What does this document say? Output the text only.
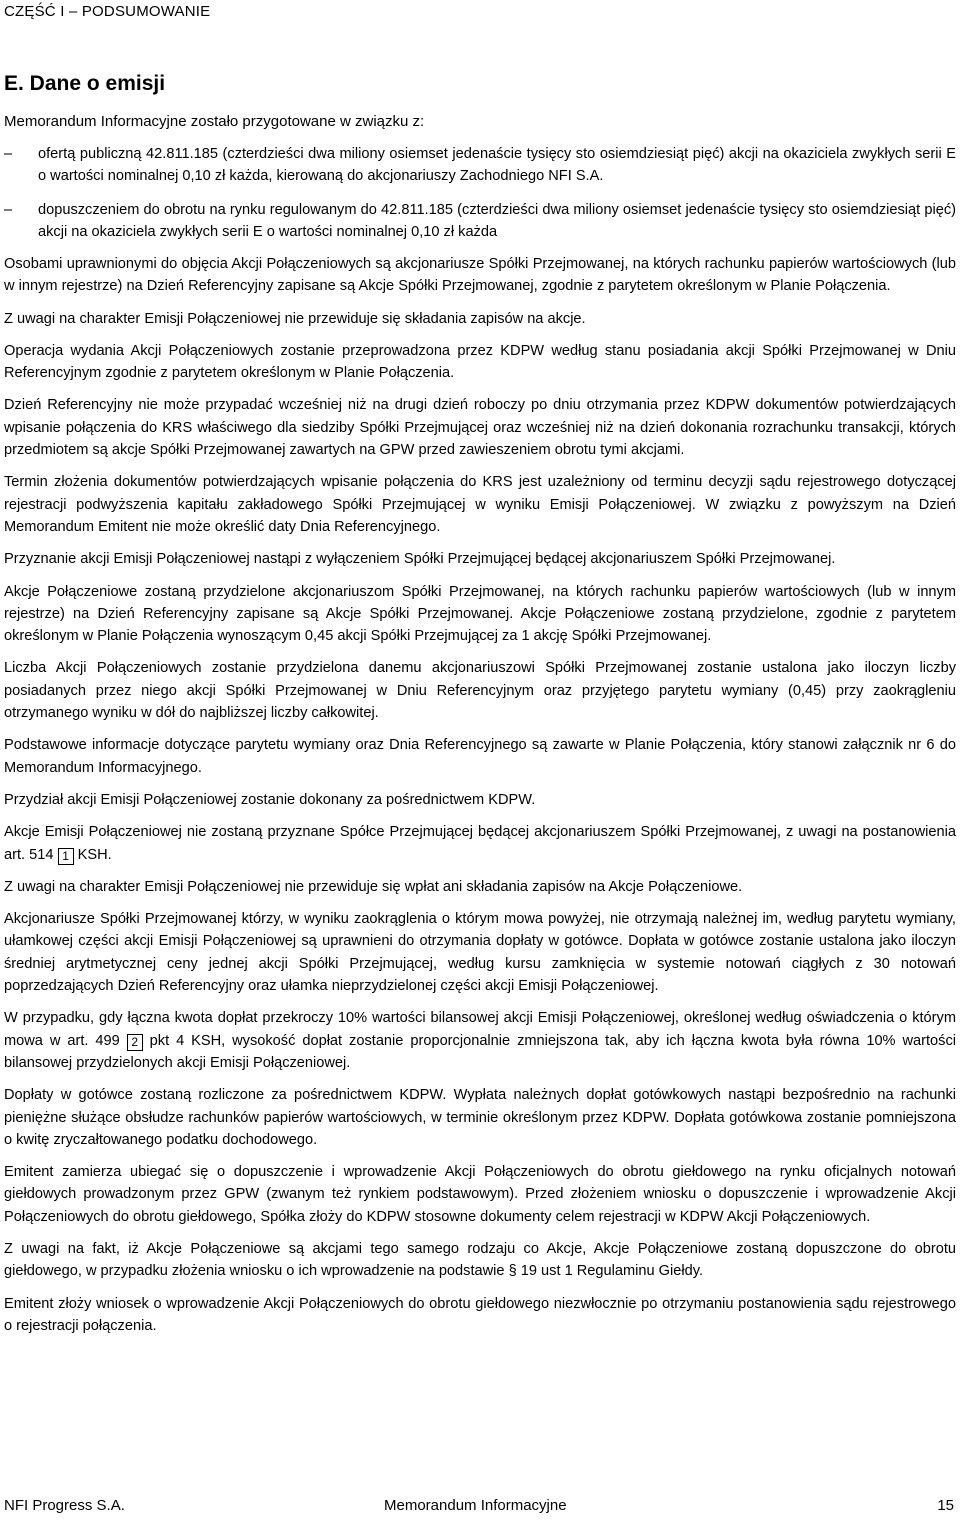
CZĘŚĆ I – PODSUMOWANIE
E. Dane o emisji
Memorandum Informacyjne zostało przygotowane w związku z:
– ofertą publiczną 42.811.185 (czterdzieści dwa miliony osiemset jedenaście tysięcy sto osiemdziesiąt pięć) akcji na okaziciela zwykłych serii E o wartości nominalnej 0,10 zł każda, kierowaną do akcjonariuszy Zachodniego NFI S.A.
– dopuszczeniem do obrotu na rynku regulowanym do 42.811.185 (czterdzieści dwa miliony osiemset jedenaście tysięcy sto osiemdziesiąt pięć) akcji na okaziciela zwykłych serii E o wartości nominalnej 0,10 zł każda

Osobami uprawnionymi do objęcia Akcji Połączeniowych są akcjonariusze Spółki Przejmowanej, na których rachunku papierów wartościowych (lub w innym rejestrze) na Dzień Referencyjny zapisane są Akcje Spółki Przejmowanej, zgodnie z parytetem określonym w Planie Połączenia.

Z uwagi na charakter Emisji Połączeniowej nie przewiduje się składania zapisów na akcje.

Operacja wydania Akcji Połączeniowych zostanie przeprowadzona przez KDPW według stanu posiadania akcji Spółki Przejmowanej w Dniu Referencyjnym zgodnie z parytetem określonym w Planie Połączenia.

Dzień Referencyjny nie może przypadać wcześniej niż na drugi dzień roboczy po dniu otrzymania przez KDPW dokumentów potwierdzających wpisanie połączenia do KRS właściwego dla siedziby Spółki Przejmującej oraz wcześniej niż na dzień dokonania rozrachunku transakcji, których przedmiotem są akcje Spółki Przejmowanej zawartych na GPW przed zawieszeniem obrotu tymi akcjami.

Termin złożenia dokumentów potwierdzających wpisanie połączenia do KRS jest uzależniony od terminu decyzji sądu rejestrowego dotyczącej rejestracji podwyższenia kapitału zakładowego Spółki Przejmującej w wyniku Emisji Połączeniowej. W związku z powyższym na Dzień Memorandum Emitent nie może określić daty Dnia Referencyjnego.

Przyznanie akcji Emisji Połączeniowej nastąpi z wyłączeniem Spółki Przejmującej będącej akcjonariuszem Spółki Przejmowanej.

Akcje Połączeniowe zostaną przydzielone akcjonariuszom Spółki Przejmowanej, na których rachunku papierów wartościowych (lub w innym rejestrze) na Dzień Referencyjny zapisane są Akcje Spółki Przejmowanej. Akcje Połączeniowe zostaną przydzielone, zgodnie z parytetem określonym w Planie Połączenia wynoszącym 0,45 akcji Spółki Przejmującej za 1 akcję Spółki Przejmowanej.

Liczba Akcji Połączeniowych zostanie przydzielona danemu akcjonariuszowi Spółki Przejmowanej zostanie ustalona jako iloczyn liczby posiadanych przez niego akcji Spółki Przejmowanej w Dniu Referencyjnym oraz przyjętego parytetu wymiany (0,45) przy zaokrągleniu otrzymanego wyniku w dół do najbliższej liczby całkowitej.

Podstawowe informacje dotyczące parytetu wymiany oraz Dnia Referencyjnego są zawarte w Planie Połączenia, który stanowi załącznik nr 6 do Memorandum Informacyjnego.

Przydział akcji Emisji Połączeniowej zostanie dokonany za pośrednictwem KDPW.

Akcje Emisji Połączeniowej nie zostaną przyznane Spółce Przejmującej będącej akcjonariuszem Spółki Przejmowanej, z uwagi na postanowienia art. 514 1 KSH.

Z uwagi na charakter Emisji Połączeniowej nie przewiduje się wpłat ani składania zapisów na Akcje Połączeniowe.

Akcjonariusze Spółki Przejmowanej którzy, w wyniku zaokrąglenia o którym mowa powyżej, nie otrzymają należnej im, według parytetu wymiany, ułamkowej części akcji Emisji Połączeniowej są uprawnieni do otrzymania dopłaty w gotówce. Dopłata w gotówce zostanie ustalona jako iloczyn średniej arytmetycznej ceny jednej akcji Spółki Przejmującej, według kursu zamknięcia w systemie notowań ciągłych z 30 notowań poprzedzających Dzień Referencyjny oraz ułamka nieprzydzielonej części akcji Emisji Połączeniowej.

W przypadku, gdy łączna kwota dopłat przekroczy 10% wartości bilansowej akcji Emisji Połączeniowej, określonej według oświadczenia o którym mowa w art. 499 2 pkt 4 KSH, wysokość dopłat zostanie proporcjonalnie zmniejszona tak, aby ich łączna kwota była równa 10% wartości bilansowej przydzielonych akcji Emisji Połączeniowej.

Dopłaty w gotówce zostaną rozliczone za pośrednictwem KDPW. Wypłata należnych dopłat gotówkowych nastąpi bezpośrednio na rachunki pieniężne służące obsłudze rachunków papierów wartościowych, w terminie określonym przez KDPW. Dopłata gotówkowa zostanie pomniejszona o kwitę zryczałtowanego podatku dochodowego.

Emitent zamierza ubiegać się o dopuszczenie i wprowadzenie Akcji Połączeniowych do obrotu giełdowego na rynku oficjalnych notowań giełdowych prowadzonym przez GPW (zwanym też rynkiem podstawowym). Przed złożeniem wniosku o dopuszczenie i wprowadzenie Akcji Połączeniowych do obrotu giełdowego, Spółka złoży do KDPW stosowne dokumenty celem rejestracji w KDPW Akcji Połączeniowych.

Z uwagi na fakt, iż Akcje Połączeniowe są akcjami tego samego rodzaju co Akcje, Akcje Połączeniowe zostaną dopuszczone do obrotu giełdowego, w przypadku złożenia wniosku o ich wprowadzenie na podstawie § 19 ust 1 Regulaminu Giełdy.

Emitent złoży wniosek o wprowadzenie Akcji Połączeniowych do obrotu giełdowego niezwłocznie po otrzymaniu postanowienia sądu rejestrowego o rejestracji połączenia.

NFI Progress S.A.	Memorandum Informacyjne	15
